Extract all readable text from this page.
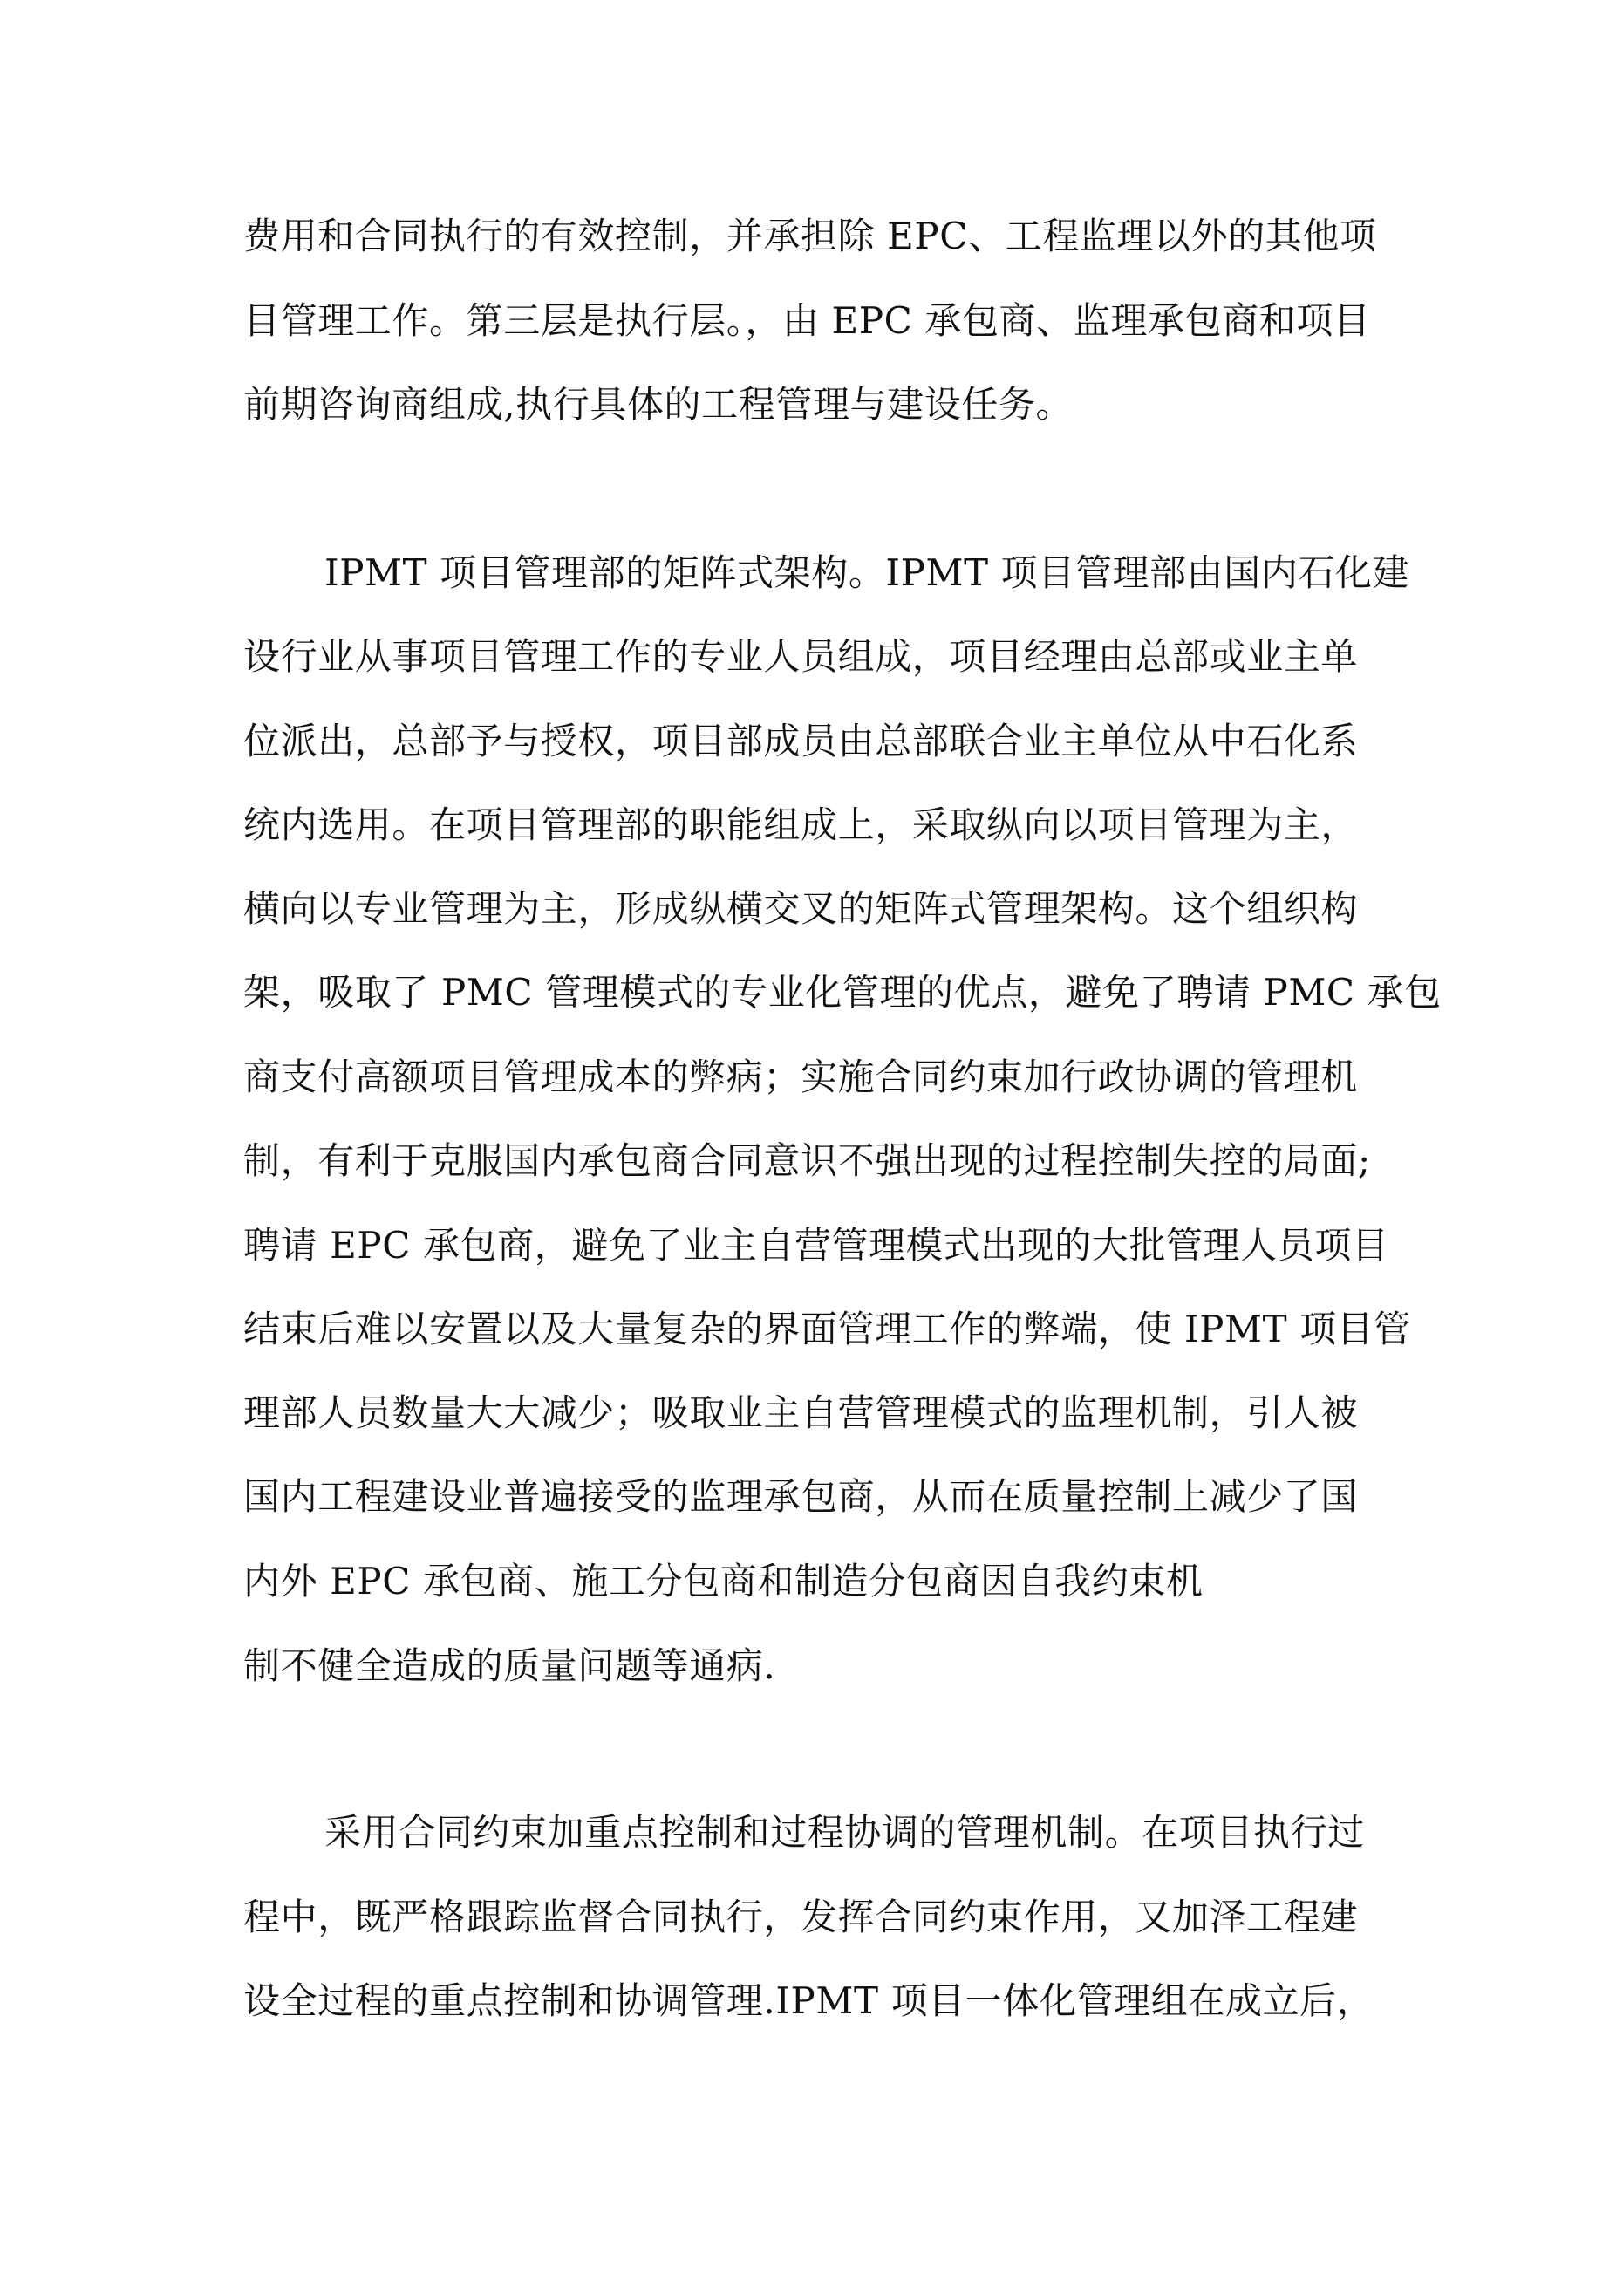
费用和合同执行的有效控制，并承担除 EPC、工程监理以外的其他项
目管理工作。第三层是执行层。，由 EPC 承包商、监理承包商和项目
前期咨询商组成,执行具体的工程管理与建设任务。
IPMT 项目管理部的矩阵式架构。IPMT 项目管理部由国内石化建
设行业从事项目管理工作的专业人员组成，项目经理由总部或业主单
位派出，总部予与授权，项目部成员由总部联合业主单位从中石化系
统内选用。在项目管理部的职能组成上，采取纵向以项目管理为主，
横向以专业管理为主，形成纵横交叉的矩阵式管理架构。这个组织构
架，吸取了 PMC 管理模式的专业化管理的优点，避免了聘请 PMC 承包
商支付高额项目管理成本的弊病；实施合同约束加行政协调的管理机
制，有利于克服国内承包商合同意识不强出现的过程控制失控的局面;
聘请 EPC 承包商，避免了业主自营管理模式出现的大批管理人员项目
结束后难以安置以及大量复杂的界面管理工作的弊端，使 IPMT 项目管
理部人员数量大大减少；吸取业主自营管理模式的监理机制，引人被
国内工程建设业普遍接受的监理承包商，从而在质量控制上减少了国
内外 EPC 承包商、施工分包商和制造分包商因自我约束机
制不健全造成的质量问题等通病.
采用合同约束加重点控制和过程协调的管理机制。在项目执行过
程中，既严格跟踪监督合同执行，发挥合同约束作用，又加泽工程建
设全过程的重点控制和协调管理.IPMT 项目一体化管理组在成立后，
